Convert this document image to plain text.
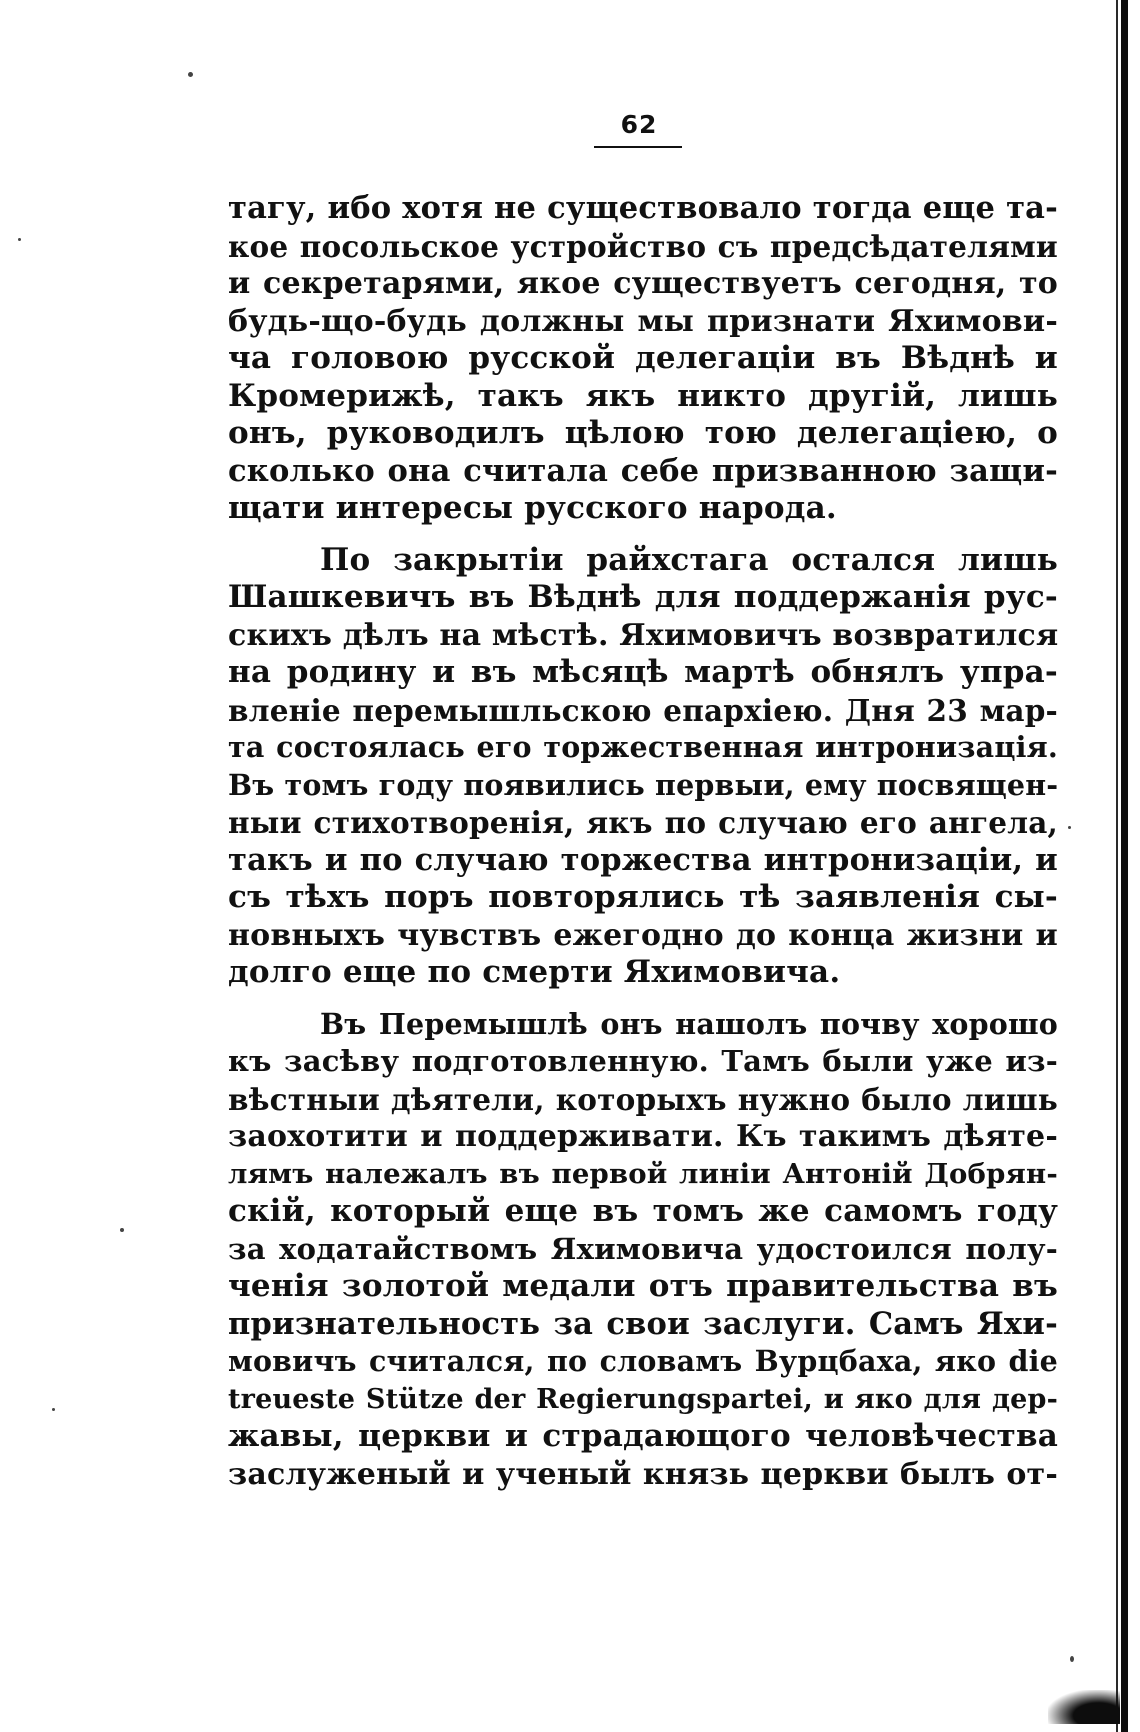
62
тагу, ибо хотя не существовало тогда еще та-
кое посольское устройство съ предсѣдателями
и секретарями, якое существуетъ сегодня, то
будь-що-будь должны мы признати Яхимови-
ча головою русской делегаціи въ Вѣднѣ и
Кромерижѣ, такъ якъ никто другій, лишь
онъ, руководилъ цѣлою тою делегаціею, о
сколько она считала себе призванною защи-
щати интересы русского народа.
По закрытіи райхстага остался лишь
Шашкевичъ въ Вѣднѣ для поддержанія рус-
скихъ дѣлъ на мѣстѣ. Яхимовичъ возвратился
на родину и въ мѣсяцѣ мартѣ обнялъ упра-
вленіе перемышльскою епархіею. Дня 23 мар-
та состоялась его торжественная интронизація.
Въ томъ году появились первыи, ему посвящен-
ныи стихотворенія, якъ по случаю его ангела,
такъ и по случаю торжества интронизаціи, и
съ тѣхъ поръ повторялись тѣ заявленія сы-
новныхъ чувствъ ежегодно до конца жизни и
долго еще по смерти Яхимовича.
Въ Перемышлѣ онъ нашолъ почву хорошо
къ засѣву подготовленную. Тамъ были уже из-
вѣстныи дѣятели, которыхъ нужно было лишь
заохотити и поддерживати. Къ такимъ дѣяте-
лямъ належалъ въ первой линіи Антоній Добрян-
скій, который еще въ томъ же самомъ году
за ходатайствомъ Яхимовича удостоился полу-
ченія золотой медали отъ правительства въ
признательность за свои заслуги. Самъ Яхи-
мовичъ считался, по словамъ Вурцбаха, яко die
treueste Stütze der Regierungspartei, и яко для дер-
жавы, церкви и страдающого человѣчества
заслуженый и ученый князь церкви былъ от-
